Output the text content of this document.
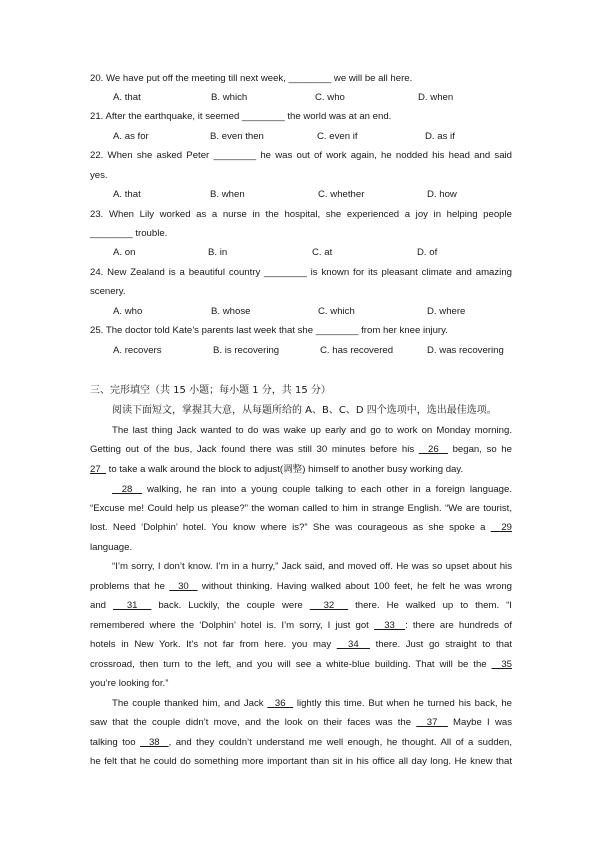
20. We have put off the meeting till next week, ________ we will be all here.
A. that	B. which	C. who	D. when
21. After the earthquake, it seemed ________ the world was at an end.
A. as for	B. even then	C. even if	D. as if
22. When she asked Peter ________ he was out of work again, he nodded his head and said
yes.
A. that	B. when	C. whether	D. how
23. When Lily worked as a nurse in the hospital, she experienced a joy in helping people
________ trouble.
A. on	B. in	C. at	D. of
24. New Zealand is a beautiful country ________ is known for its pleasant climate and amazing
scenery.
A. who	B. whose	C. which	D. where
25. The doctor told Kate’s parents last week that she ________ from her knee injury.
A. recovers	B. is recovering	C. has recovered	D. was recovering
三、完形填空（共 15 小题；每小题 1 分，共 15 分）
阅读下面短文，掌握其大意，从每题所给的 A、B、C、D 四个选项中，选出最佳选项。
The last thing Jack wanted to do was wake up early and go to work on Monday morning.
Getting out of the bus, Jack found there was still 30 minutes before his   26   began, so he
27   to take a walk around the block to adjust(调整) himself to another busy working day.
28   walking, he ran into a young couple talking to each other in a foreign language.
“Excuse me! Could help us please?” the woman called to him in strange English. “We are tourist,
lost. Need ‘Dolphin’ hotel. You know where is?” She was courageous as she spoke a   29
language.
“I’m sorry, I don’t know. I’m in a hurry,” Jack said, and moved off. He was so upset about his
problems that he   30   without thinking. Having walked about 100 feet, he felt he was wrong
and   31   back. Luckily, the couple were   32   there. He walked up to them. “I
remembered where the ‘Dolphin’ hotel is. I’m sorry, I just got   33  : there are hundreds of
hotels in New York. It’s not far from here. you may   34   there. Just go straight to that
crossroad, then turn to the left, and you will see a white-blue building. That will be the   35
you’re looking for.”
The couple thanked him, and Jack   36   lightly this time. But when he turned his back, he
saw that the couple didn’t move, and the look on their faces was the   37   Maybe I was
talking too   38  , and they couldn’t understand me well enough, he thought. All of a sudden,
he felt that he could do something more important than sit in his office all day long. He knew that
